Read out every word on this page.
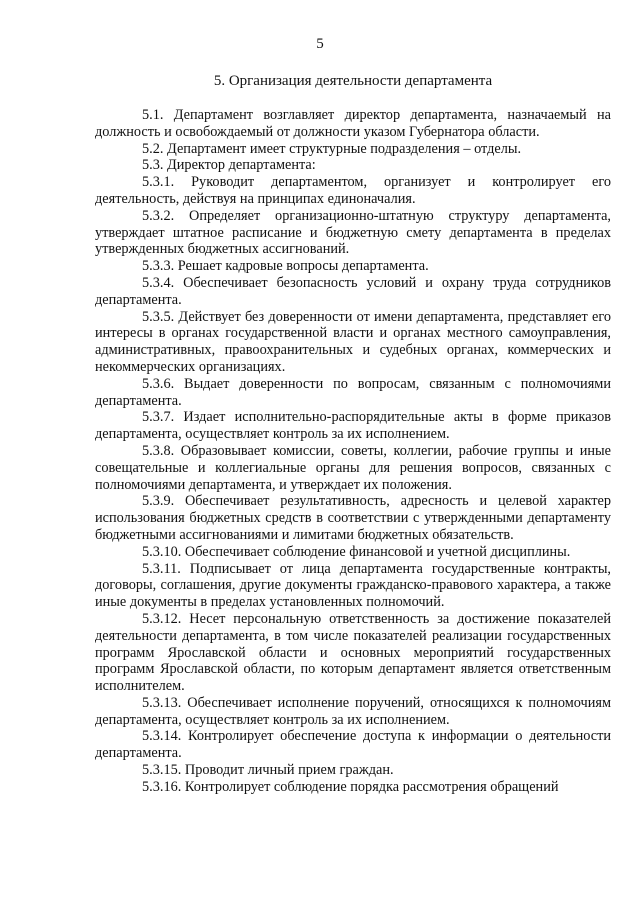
5
5. Организация деятельности департамента

5.1. Департамент возглавляет директор департамента, назначаемый на должность и освобождаемый от должности указом Губернатора области.

5.2. Департамент имеет структурные подразделения – отделы.

5.3. Директор департамента:

5.3.1. Руководит департаментом, организует и контролирует его деятельность, действуя на принципах единоначалия.

5.3.2. Определяет организационно-штатную структуру департамента, утверждает штатное расписание и бюджетную смету департамента в пределах утвержденных бюджетных ассигнований.

5.3.3. Решает кадровые вопросы департамента.

5.3.4. Обеспечивает безопасность условий и охрану труда сотрудников департамента.

5.3.5. Действует без доверенности от имени департамента, представляет его интересы в органах государственной власти и органах местного самоуправления, административных, правоохранительных и судебных органах, коммерческих и некоммерческих организациях.

5.3.6. Выдает доверенности по вопросам, связанным с полномочиями департамента.

5.3.7. Издает исполнительно-распорядительные акты в форме приказов департамента, осуществляет контроль за их исполнением.

5.3.8. Образовывает комиссии, советы, коллегии, рабочие группы и иные совещательные и коллегиальные органы для решения вопросов, связанных с полномочиями департамента, и утверждает их положения.

5.3.9. Обеспечивает результативность, адресность и целевой характер использования бюджетных средств в соответствии с утвержденными департаменту бюджетными ассигнованиями и лимитами бюджетных обязательств.

5.3.10. Обеспечивает соблюдение финансовой и учетной дисциплины.

5.3.11. Подписывает от лица департамента государственные контракты, договоры, соглашения, другие документы гражданско-правового характера, а также иные документы в пределах установленных полномочий.

5.3.12. Несет персональную ответственность за достижение показателей деятельности департамента, в том числе показателей реализации государственных программ Ярославской области и основных мероприятий государственных программ Ярославской области, по которым департамент является ответственным исполнителем.

5.3.13. Обеспечивает исполнение поручений, относящихся к полномочиям департамента, осуществляет контроль за их исполнением.

5.3.14. Контролирует обеспечение доступа к информации о деятельности департамента.

5.3.15. Проводит личный прием граждан.

5.3.16. Контролирует соблюдение порядка рассмотрения обращений
